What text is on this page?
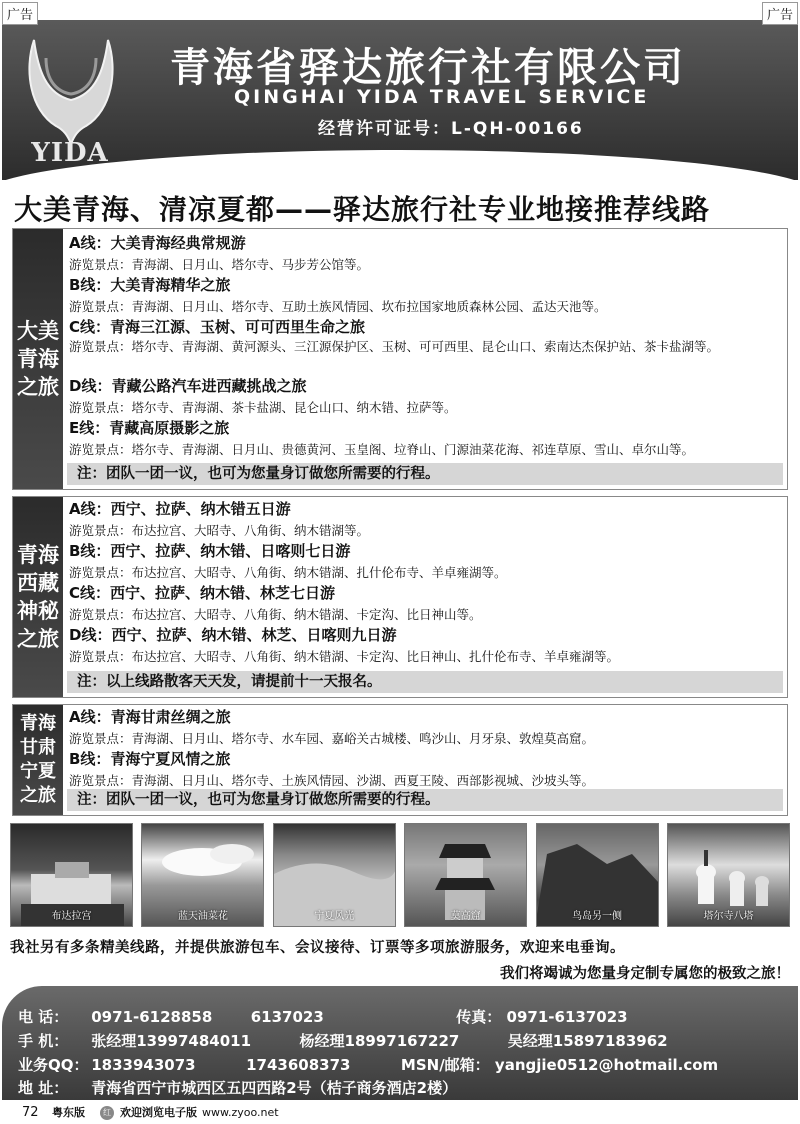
广告	广告
YIDA
青海省驿达旅行社有限公司
QINGHAI YIDA TRAVEL SERVICE
经营许可证号：L-QH-00166
大美青海、清凉夏都——驿达旅行社专业地接推荐线路
大美青海之旅
A线：大美青海经典常规游
游览景点：青海湖、日月山、塔尔寺、马步芳公馆等。
B线：大美青海精华之旅
游览景点：青海湖、日月山、塔尔寺、互助土族风情园、坎布拉国家地质森林公园、孟达天池等。
C线：青海三江源、玉树、可可西里生命之旅
游览景点：塔尔寺、青海湖、黄河源头、三江源保护区、玉树、可可西里、昆仑山口、索南达杰保护站、茶卡盐湖等。
D线：青藏公路汽车进西藏挑战之旅
游览景点：塔尔寺、青海湖、茶卡盐湖、昆仑山口、纳木错、拉萨等。
E线：青藏高原摄影之旅
游览景点：塔尔寺、青海湖、日月山、贵德黄河、玉皇阁、垃脊山、门源油菜花海、祁连草原、雪山、卓尔山等。
注：团队一团一议，也可为您量身订做您所需要的行程。
青海西藏神秘之旅
A线：西宁、拉萨、纳木错五日游
游览景点：布达拉宫、大昭寺、八角街、纳木错湖等。
B线：西宁、拉萨、纳木错、日喀则七日游
游览景点：布达拉宫、大昭寺、八角街、纳木错湖、扎什伦布寺、羊卓雍湖等。
C线：西宁、拉萨、纳木错、林芝七日游
游览景点：布达拉宫、大昭寺、八角街、纳木错湖、卡定沟、比日神山等。
D线：西宁、拉萨、纳木错、林芝、日喀则九日游
游览景点：布达拉宫、大昭寺、八角街、纳木错湖、卡定沟、比日神山、扎什伦布寺、羊卓雍湖等。
注：以上线路散客天天发，请提前十一天报名。
青海甘肃宁夏之旅
A线：青海甘肃丝绸之旅
游览景点：青海湖、日月山、塔尔寺、水车园、嘉峪关古城楼、鸣沙山、月牙泉、敦煌莫高窟。
B线：青海宁夏风情之旅
游览景点：青海湖、日月山、塔尔寺、土族风情园、沙湖、西夏王陵、西部影视城、沙坡头等。
注：团队一团一议，也可为您量身订做您所需要的行程。
布达拉宫	蓝天油菜花	宁夏风光	莫高窟	鸟岛另一侧	塔尔寺八塔
我社另有多条精美线路，并提供旅游包车、会议接待、订票等多项旅游服务，欢迎来电垂询。
我们将竭诚为您量身定制专属您的极致之旅！
电 话： 0971-6128858	6137023	传真： 0971-6137023
手 机： 张经理13997484011	杨经理18997167227	吴经理15897183962
业务QQ： 1833943073	1743608373	MSN/邮箱： yangjie0512@hotmail.com
地 址： 青海省西宁市城西区五四西路2号（桔子商务酒店2楼）
72 粤东版	红 欢迎浏览电子版 www.zyoo.net
